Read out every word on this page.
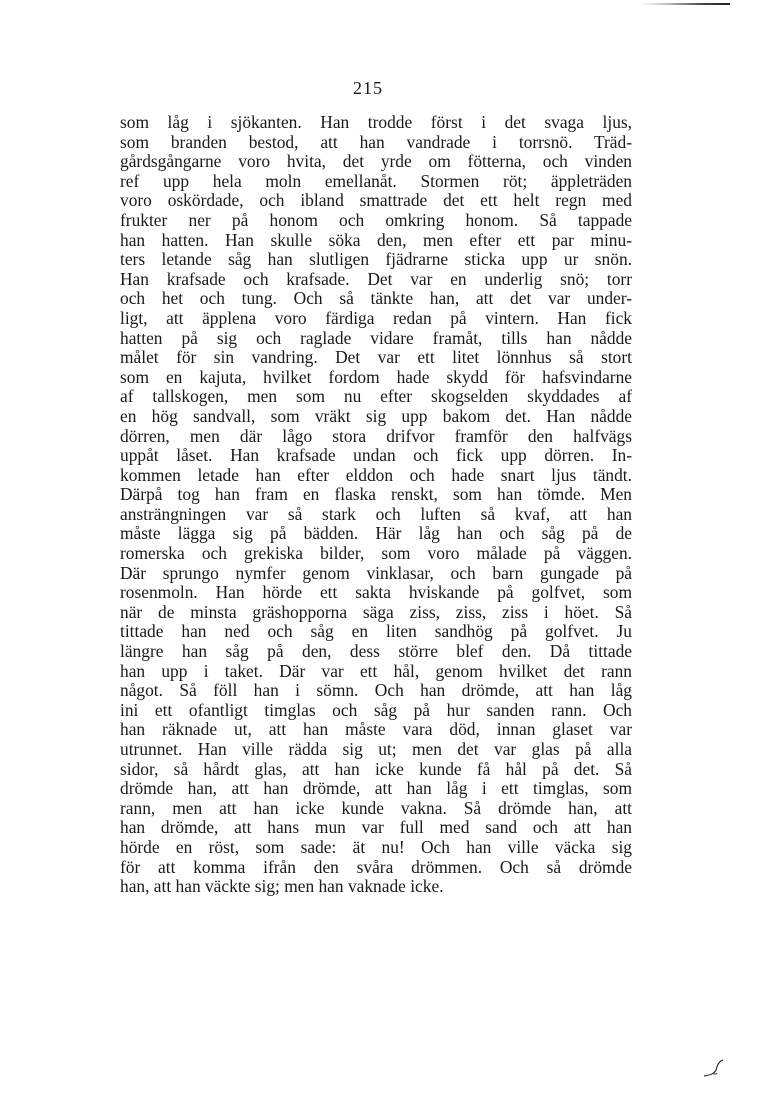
215
som låg i sjökanten. Han trodde först i det svaga ljus,
som branden bestod, att han vandrade i torrsnö. Träd-
gårdsgångarne voro hvita, det yrde om fötterna, och vinden
ref upp hela moln emellanåt. Stormen röt; äppleträden
voro oskördade, och ibland smattrade det ett helt regn med
frukter ner på honom och omkring honom. Så tappade
han hatten. Han skulle söka den, men efter ett par minu-
ters letande såg han slutligen fjädrarne sticka upp ur snön.
Han krafsade och krafsade. Det var en underlig snö; torr
och het och tung. Och så tänkte han, att det var under-
ligt, att äpplena voro färdiga redan på vintern. Han fick
hatten på sig och raglade vidare framåt, tills han nådde
målet för sin vandring. Det var ett litet lönnhus så stort
som en kajuta, hvilket fordom hade skydd för hafsvindarne
af tallskogen, men som nu efter skogselden skyddades af
en hög sandvall, som vräkt sig upp bakom det. Han nådde
dörren, men där lågo stora drifvor framför den halfvägs
uppåt låset. Han krafsade undan och fick upp dörren. In-
kommen letade han efter elddon och hade snart ljus tändt.
Därpå tog han fram en flaska renskt, som han tömde. Men
ansträngningen var så stark och luften så kvaf, att han
måste lägga sig på bädden. Här låg han och såg på de
romerska och grekiska bilder, som voro målade på väggen.
Där sprungo nymfer genom vinklasar, och barn gungade på
rosenmoln. Han hörde ett sakta hviskande på golfvet, som
när de minsta gräshopporna säga ziss, ziss, ziss i höet. Så
tittade han ned och såg en liten sandhög på golfvet. Ju
längre han såg på den, dess större blef den. Då tittade
han upp i taket. Där var ett hål, genom hvilket det rann
något. Så föll han i sömn. Och han drömde, att han låg
ini ett ofantligt timglas och såg på hur sanden rann. Och
han räknade ut, att han måste vara död, innan glaset var
utrunnet. Han ville rädda sig ut; men det var glas på alla
sidor, så hårdt glas, att han icke kunde få hål på det. Så
drömde han, att han drömde, att han låg i ett timglas, som
rann, men att han icke kunde vakna. Så drömde han, att
han drömde, att hans mun var full med sand och att han
hörde en röst, som sade: ät nu! Och han ville väcka sig
för att komma ifrån den svåra drömmen. Och så drömde
han, att han väckte sig; men han vaknade icke.
